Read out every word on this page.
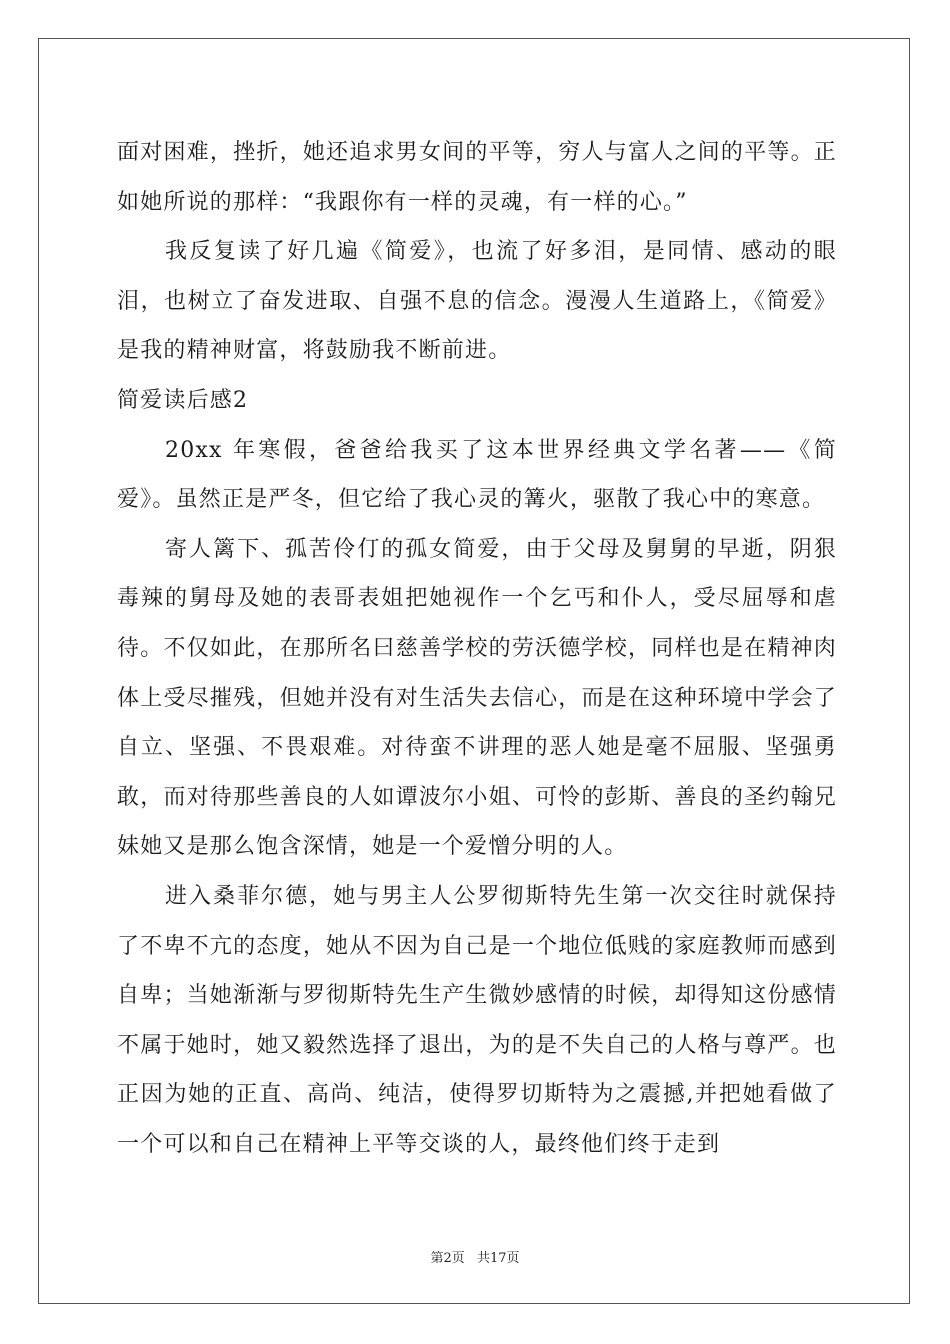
面对困难，挫折，她还追求男女间的平等，穷人与富人之间的平等。正如她所说的那样：“我跟你有一样的灵魂，有一样的心。”

我反复读了好几遍《简爱》，也流了好多泪，是同情、感动的眼泪，也树立了奋发进取、自强不息的信念。漫漫人生道路上，《简爱》是我的精神财富，将鼓励我不断前进。

简爱读后感2

20xx 年寒假，爸爸给我买了这本世界经典文学名著——《简爱》。虽然正是严冬，但它给了我心灵的篝火，驱散了我心中的寒意。

寄人篱下、孤苦伶仃的孤女简爱，由于父母及舅舅的早逝，阴狠毒辣的舅母及她的表哥表姐把她视作一个乞丐和仆人，受尽屈辱和虐待。不仅如此，在那所名曰慈善学校的劳沃德学校，同样也是在精神肉体上受尽摧残，但她并没有对生活失去信心，而是在这种环境中学会了自立、坚强、不畏艰难。对待蛮不讲理的恶人她是毫不屈服、坚强勇敢，而对待那些善良的人如谭波尔小姐、可怜的彭斯、善良的圣约翰兄妹她又是那么饱含深情，她是一个爱憎分明的人。

进入桑菲尔德，她与男主人公罗彻斯特先生第一次交往时就保持了不卑不亢的态度，她从不因为自己是一个地位低贱的家庭教师而感到自卑；当她渐渐与罗彻斯特先生产生微妙感情的时候，却得知这份感情不属于她时，她又毅然选择了退出，为的是不失自己的人格与尊严。也正因为她的正直、高尚、纯洁，使得罗切斯特为之震撼,并把她看做了一个可以和自己在精神上平等交谈的人，最终他们终于走到

第2页 共17页
